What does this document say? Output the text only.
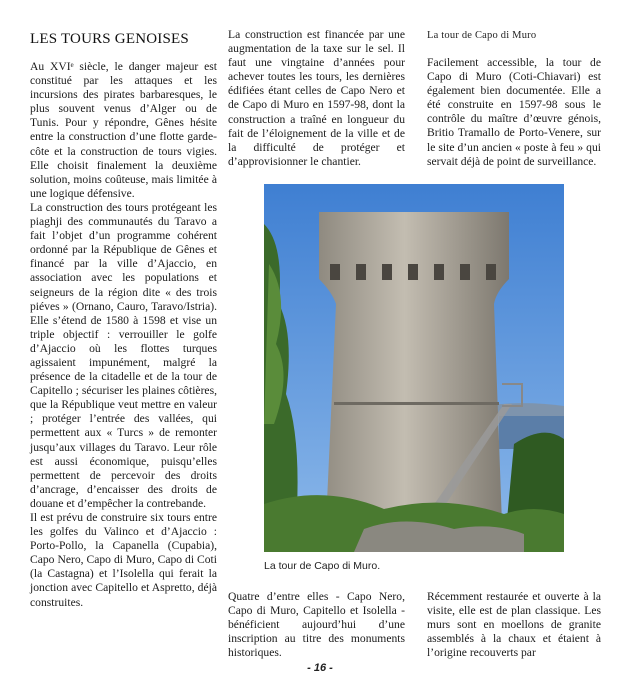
LES TOURS GENOISES	La tour de Capo di Muro

Au XVIᵉ siècle, le danger majeur est constitué par les attaques et les incursions des pirates barbaresques, le plus souvent venus d’Alger ou de Tunis. Pour y répondre, Gênes hésite entre la construction d’une flotte garde-côte et la construction de tours vigies. Elle choisit finalement la deuxième solution, moins coûteuse, mais limitée à une logique défensive.

La construction des tours protégeant les piaghji des communautés du Taravo a fait l’objet d’un programme cohérent ordonné par la République de Gênes et financé par la ville d’Ajaccio, en association avec les populations et seigneurs de la région dite « des trois piéves » (Ornano, Cauro, Taravo/Istria). Elle s’étend de 1580 à 1598 et vise un triple objectif : verrouiller le golfe d’Ajaccio où les flottes turques agissaient impunément, malgré la présence de la citadelle et de la tour de Capitello ; sécuriser les plaines côtières, que la République veut mettre en valeur ; protéger l’entrée des vallées, qui permettent aux « Turcs » de remonter jusqu’aux villages du Taravo. Leur rôle est aussi économique, puisqu’elles permettent de percevoir des droits d’ancrage, d’encaisser des droits de douane et d’empêcher la contrebande.

Il est prévu de construire six tours entre les golfes du Valinco et d’Ajaccio : Porto-Pollo, la Capanella (Cupabia), Capo Nero, Capo di Muro, Capo di Coti (la Castagna) et l’Isolella qui ferait la jonction avec Capitello et Aspretto, déjà construites.

La construction est financée par une augmentation de la taxe sur le sel. Il faut une vingtaine d’années pour achever toutes les tours, les dernières édifiées étant celles de Capo Nero et de Capo di Muro en 1597-98, dont la construction a traîné en longueur du fait de l’éloignement de la ville et de la difficulté de protéger et d’approvisionner le chantier.

Facilement accessible, la tour de Capo di Muro (Coti-Chiavari) est également bien documentée. Elle a été construite en 1597-98 sous le contrôle du maître d’œuvre génois, Britio Tramallo de Porto-Venere, sur le site d’un ancien « poste à feu » qui servait déjà de point de surveillance.

La tour de Capo di Muro.

Quatre d’entre elles - Capo Nero, Capo di Muro, Capitello et Isolella - bénéficient aujourd’hui d’une inscription au titre des monuments historiques.

Récemment restaurée et ouverte à la visite, elle est de plan classique. Les murs sont en moellons de granite assemblés à la chaux et étaient à l’origine recouverts par

- 16 -
